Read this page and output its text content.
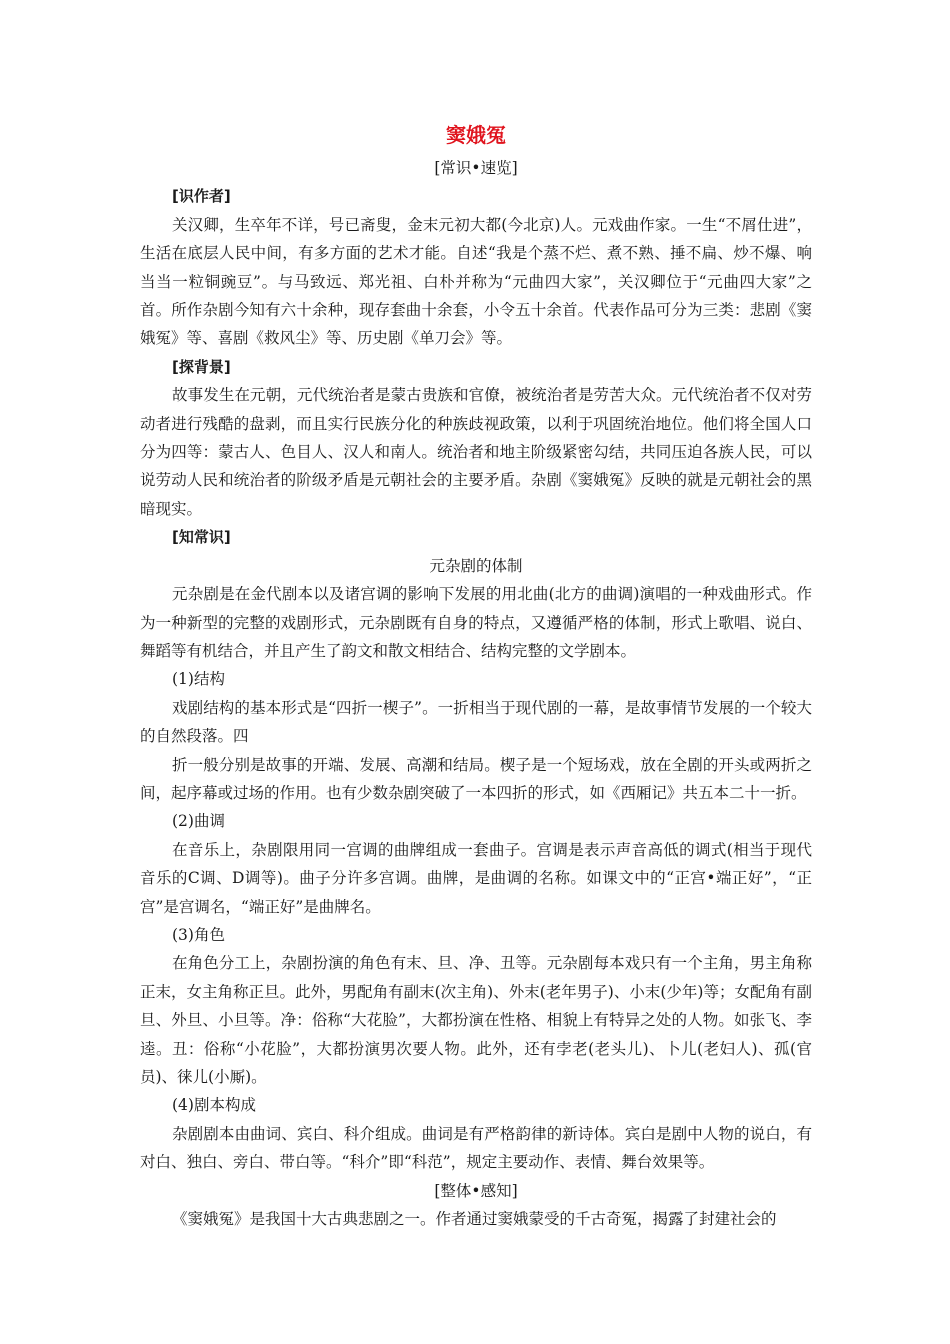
窦娥冤

[常识•速览]

[识作者]

关汉卿，生卒年不详，号已斋叟，金末元初大都(今北京)人。元戏曲作家。一生“不屑仕进”，生活在底层人民中间，有多方面的艺术才能。自述“我是个蒸不烂、煮不熟、捶不扁、炒不爆、响当当一粒铜豌豆”。与马致远、郑光祖、白朴并称为“元曲四大家”，关汉卿位于“元曲四大家”之首。所作杂剧今知有六十余种，现存套曲十余套，小令五十余首。代表作品可分为三类：悲剧《窦娥冤》等、喜剧《救风尘》等、历史剧《单刀会》等。

[探背景]

故事发生在元朝，元代统治者是蒙古贵族和官僚，被统治者是劳苦大众。元代统治者不仅对劳动者进行残酷的盘剥，而且实行民族分化的种族歧视政策，以利于巩固统治地位。他们将全国人口分为四等：蒙古人、色目人、汉人和南人。统治者和地主阶级紧密勾结，共同压迫各族人民，可以说劳动人民和统治者的阶级矛盾是元朝社会的主要矛盾。杂剧《窦娥冤》反映的就是元朝社会的黑暗现实。

[知常识]

元杂剧的体制

元杂剧是在金代剧本以及诸宫调的影响下发展的用北曲(北方的曲调)演唱的一种戏曲形式。作为一种新型的完整的戏剧形式，元杂剧既有自身的特点，又遵循严格的体制，形式上歌唱、说白、舞蹈等有机结合，并且产生了韵文和散文相结合、结构完整的文学剧本。

(1)结构

戏剧结构的基本形式是“四折一楔子”。一折相当于现代剧的一幕，是故事情节发展的一个较大的自然段落。四

折一般分别是故事的开端、发展、高潮和结局。楔子是一个短场戏，放在全剧的开头或两折之间，起序幕或过场的作用。也有少数杂剧突破了一本四折的形式，如《西厢记》共五本二十一折。

(2)曲调

在音乐上，杂剧限用同一宫调的曲牌组成一套曲子。宫调是表示声音高低的调式(相当于现代音乐的C调、D调等)。曲子分许多宫调。曲牌，是曲调的名称。如课文中的“正宫•端正好”，“正宫”是宫调名，“端正好”是曲牌名。

(3)角色

在角色分工上，杂剧扮演的角色有末、旦、净、丑等。元杂剧每本戏只有一个主角，男主角称正末，女主角称正旦。此外，男配角有副末(次主角)、外末(老年男子)、小末(少年)等；女配角有副旦、外旦、小旦等。净：俗称“大花脸”，大都扮演在性格、相貌上有特异之处的人物。如张飞、李逵。丑：俗称“小花脸”，大都扮演男次要人物。此外，还有孛老(老头儿)、卜儿(老妇人)、孤(官员)、徕儿(小厮)。

(4)剧本构成

杂剧剧本由曲词、宾白、科介组成。曲词是有严格韵律的新诗体。宾白是剧中人物的说白，有对白、独白、旁白、带白等。“科介”即“科范”，规定主要动作、表情、舞台效果等。

[整体•感知]

《窦娥冤》是我国十大古典悲剧之一。作者通过窦娥蒙受的千古奇冤，揭露了封建社会的
